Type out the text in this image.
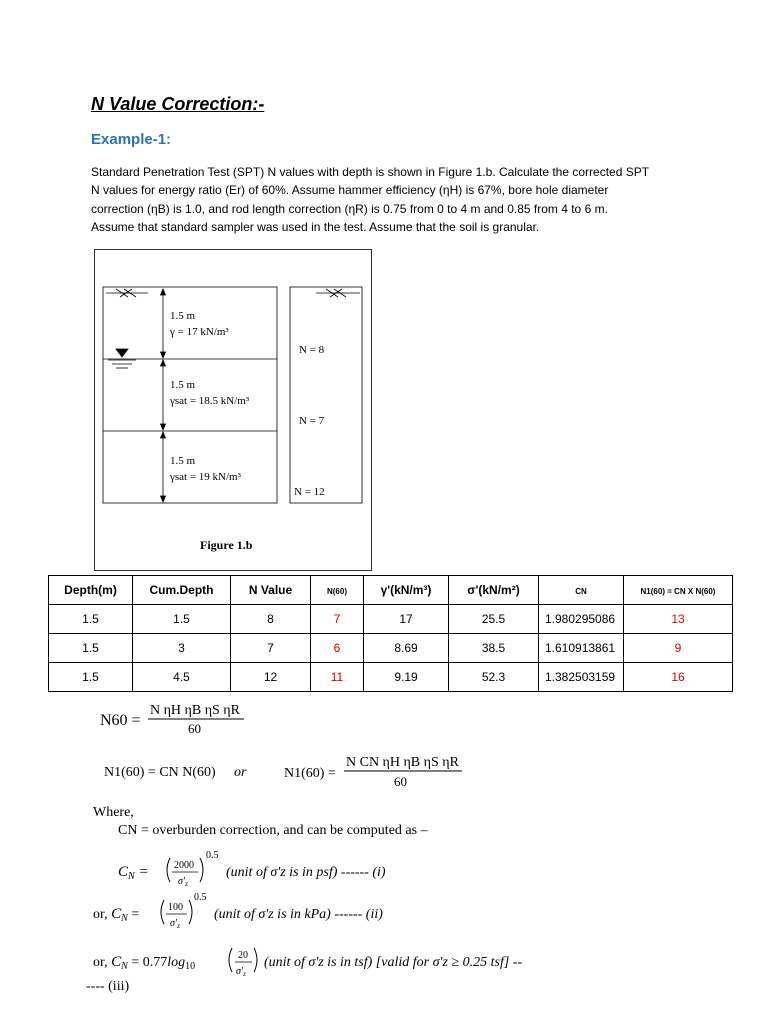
N Value Correction:-
Example-1:
Standard Penetration Test (SPT) N values with depth is shown in Figure 1.b. Calculate the corrected SPT
N values for energy ratio (Er) of 60%. Assume hammer efficiency (ηH) is 67%, bore hole diameter
correction (ηB) is 1.0, and rod length correction (ηR) is 0.75 from 0 to 4 m and 0.85 from 4 to 6 m.
Assume that standard sampler was used in the test. Assume that the soil is granular.
1.5 m
γ = 17 kN/m³
1.5 m
γsat = 18.5 kN/m³
1.5 m
γsat = 19 kN/m³
N = 8
N = 7
N = 12
Figure 1.b
Depth(m)	Cum.Depth	N Value	N(60)	γ'(kN/m³)	σ'(kN/m²)	CN	N1(60) = CN X N(60)
1.5	1.5	8	7	17	25.5	1.980295086	13
1.5	3	7	6	8.69	38.5	1.610913861	9
1.5	4.5	12	11	9.19	52.3	1.382503159	16
N60 =
N ηH ηB ηS ηR
60
N1(60) = CN N(60) or	N1(60) =
N CN ηH ηB ηS ηR
60
Where,
CN = overburden correction, and can be computed as –
$C_N$ =	2000
$\sigma'_z$
0.5
(unit of σ'z is in psf) ------ (i)
or, $C_N$ =	100
$\sigma'_z$
0.5
(unit of σ'z is in kPa) ------ (ii)
or, $C_N = 0.77\log_{10}$
20
$\sigma'_z$
(unit of σ'z is in tsf) [valid for σ'z ≥ 0.25 tsf] --
---- (iii)
